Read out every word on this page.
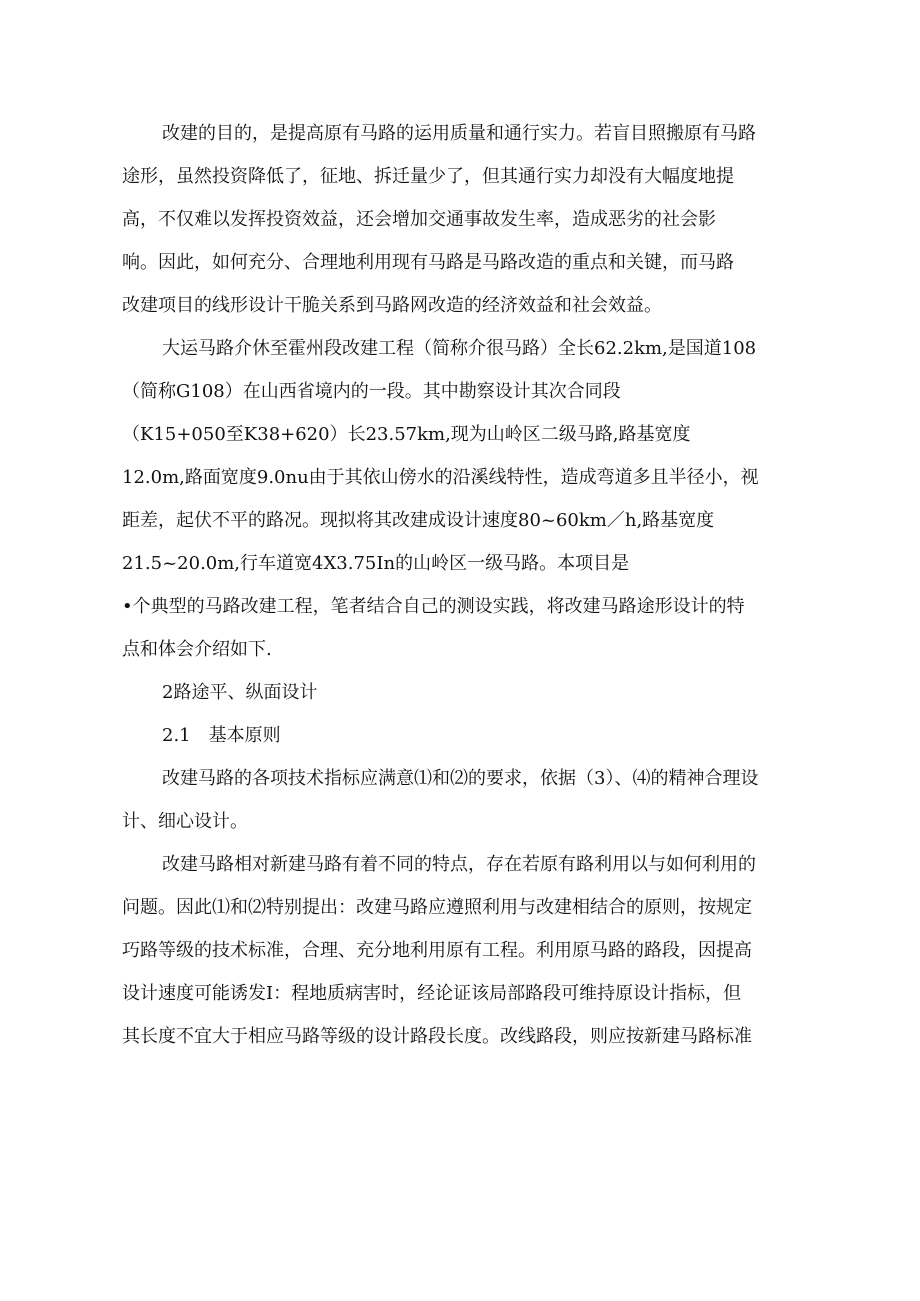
改建的目的，是提高原有马路的运用质量和通行实力。若盲目照搬原有马路

途形，虽然投资降低了，征地、拆迁量少了，但其通行实力却没有大幅度地提

高，不仅难以发挥投资效益，还会增加交通事故发生率，造成恶劣的社会影

响。因此，如何充分、合理地利用现有马路是马路改造的重点和关键，而马路

改建项目的线形设计干脆关系到马路网改造的经济效益和社会效益。

大运马路介休至霍州段改建工程（简称介很马路）全长62.2km,是国道108

（简称G108）在山西省境内的一段。其中勘察设计其次合同段

（K15+050至K38+620）长23.57km,现为山岭区二级马路,路基宽度

12.0m,路面宽度9.0nu由于其依山傍水的沿溪线特性，造成弯道多且半径小，视

距差，起伏不平的路况。现拟将其改建成设计速度80~60km／h,路基宽度

21.5~20.0m,行车道宽4X3.75In的山岭区一级马路。本项目是

•个典型的马路改建工程，笔者结合自己的测设实践，将改建马路途形设计的特

点和体会介绍如下.

2路途平、纵面设计

2.1　基本原则

改建马路的各项技术指标应满意⑴和⑵的要求，依据（3）、⑷的精神合理设

计、细心设计。

改建马路相对新建马路有着不同的特点，存在若原有路利用以与如何利用的

问题。因此⑴和⑵特别提出：改建马路应遵照利用与改建相结合的原则，按规定

巧路等级的技术标准，合理、充分地利用原有工程。利用原马路的路段，因提高

设计速度可能诱发I：程地质病害时，经论证该局部路段可维持原设计指标，但

其长度不宜大于相应马路等级的设计路段长度。改线路段，则应按新建马路标准
